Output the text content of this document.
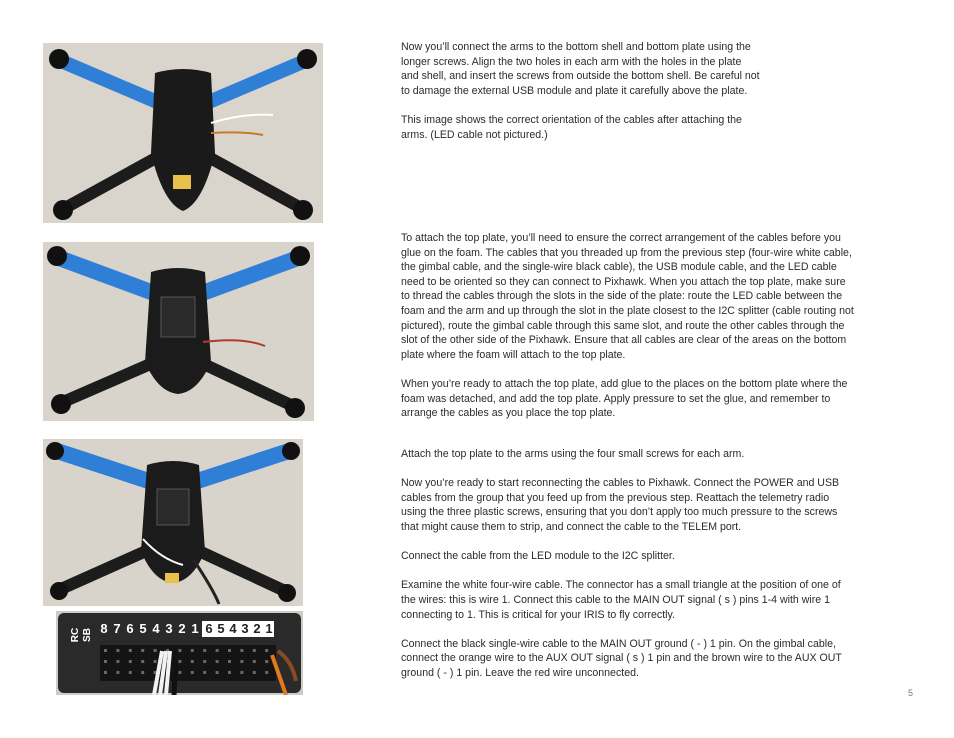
RC SB 8 7 6 5 4 3 2 1 6 5 4 3 2 1

Now you’ll connect the arms to the bottom shell and bottom plate using the
longer screws. Align the two holes in each arm with the holes in the plate
and shell, and insert the screws from outside the bottom shell. Be careful not
to damage the external USB module and plate it carefully above the plate.

This image shows the correct orientation of the cables after attaching the
arms. (LED cable not pictured.)

To attach the top plate, you’ll need to ensure the correct arrangement of the cables before you
glue on the foam. The cables that you threaded up from the previous step (four-wire white cable,
the gimbal cable, and the single-wire black cable), the USB module cable, and the LED cable
need to be oriented so they can connect to Pixhawk. When you attach the top plate, make sure
to thread the cables through the slots in the side of the plate: route the LED cable between the
foam and the arm and up through the slot in the plate closest to the I2C splitter (cable routing not
pictured), route the gimbal cable through this same slot, and route the other cables through the
slot of the other side of the Pixhawk. Ensure that all cables are clear of the areas on the bottom
plate where the foam will attach to the top plate.

When you’re ready to attach the top plate, add glue to the places on the bottom plate where the
foam was detached, and add the top plate. Apply pressure to set the glue, and remember to
arrange the cables as you place the top plate.

Attach the top plate to the arms using the four small screws for each arm.

Now you’re ready to start reconnecting the cables to Pixhawk. Connect the POWER and USB
cables from the group that you feed up from the previous step. Reattach the telemetry radio
using the three plastic screws, ensuring that you don’t apply too much pressure to the screws
that might cause them to strip, and connect the cable to the TELEM port.

Connect the cable from the LED module to the I2C splitter.

Examine the white four-wire cable. The connector has a small triangle at the position of one of
the wires: this is wire 1. Connect this cable to the MAIN OUT signal ( s ) pins 1-4 with wire 1
connecting to 1. This is critical for your IRIS to fly correctly.

Connect the black single-wire cable to the MAIN OUT ground ( - ) 1 pin. On the gimbal cable,
connect the orange wire to the AUX OUT signal ( s ) 1 pin and the brown wire to the AUX OUT
ground ( - ) 1 pin. Leave the red wire unconnected.

5
